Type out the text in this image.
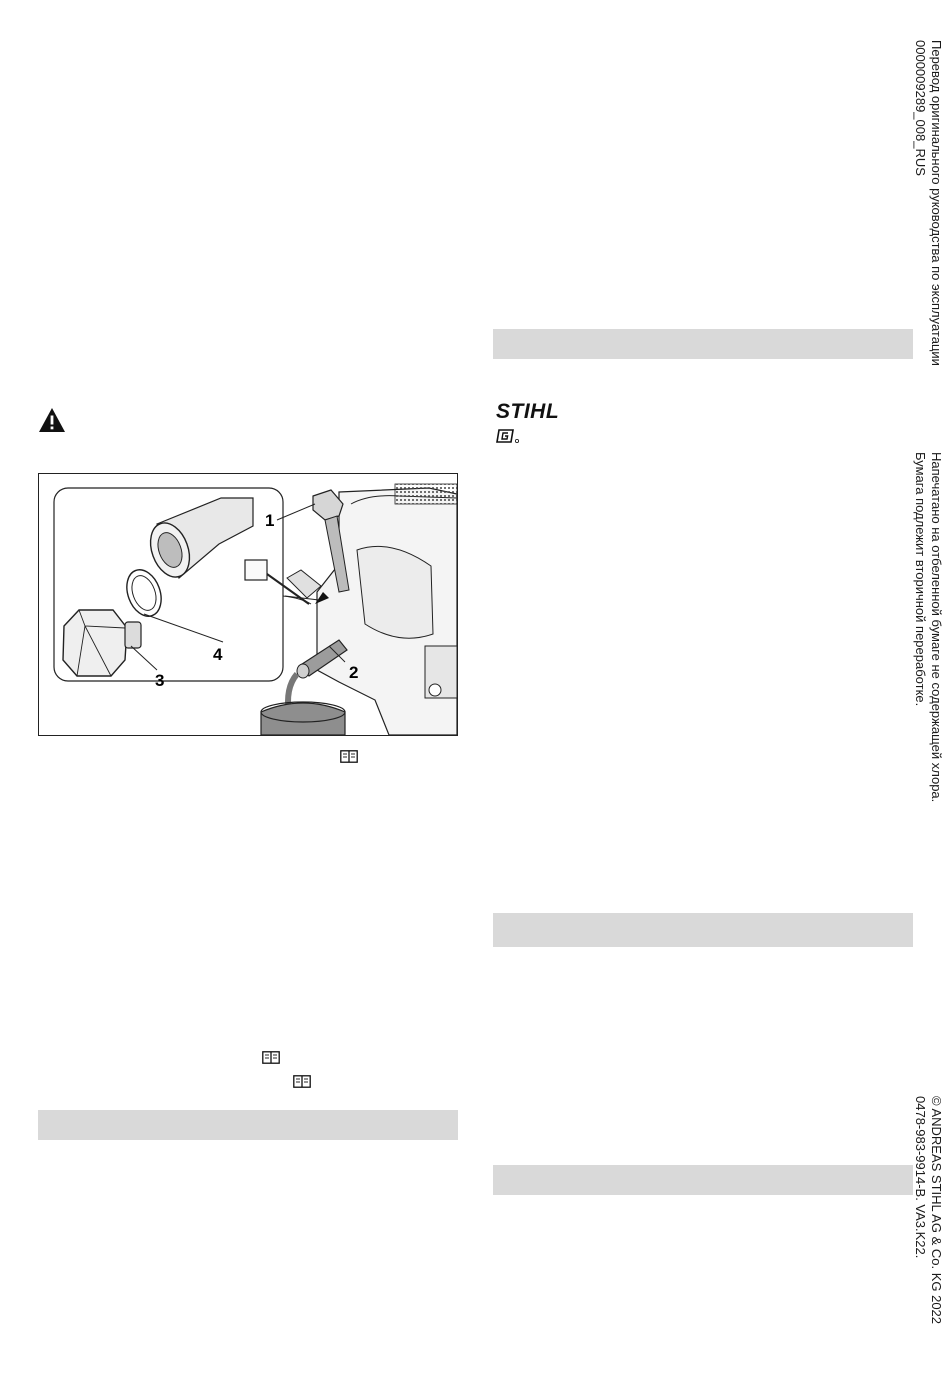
4
3
1
2
STIHL
Перевод оригинального руководства по эксплуатации
0000009289_008_RUS
Напечатано на отбеленной бумаге не содержащей хлора.
Бумага подлежит вторичной переработке.
© ANDREAS STIHL AG & Co. KG 2022
0478-983-9914-B. VA3.K22.
